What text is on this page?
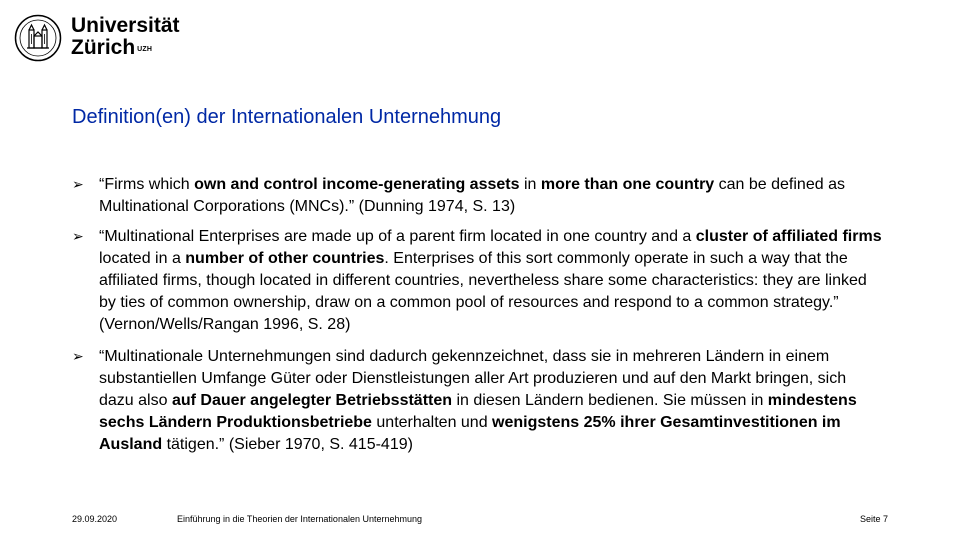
Universität
Zürich UZH
Definition(en) der Internationalen Unternehmung
➢ “Firms which own and control income-generating assets in more than one country can be defined as Multinational Corporations (MNCs).” (Dunning 1974, S. 13)
➢ “Multinational Enterprises are made up of a parent firm located in one country and a cluster of affiliated firms located in a number of other countries. Enterprises of this sort commonly operate in such a way that the affiliated firms, though located in different countries, nevertheless share some characteristics: they are linked by ties of common ownership, draw on a common pool of resources and respond to a common strategy.” (Vernon/Wells/Rangan 1996, S. 28)
➢ “Multinationale Unternehmungen sind dadurch gekennzeichnet, dass sie in mehreren Ländern in einem substantiellen Umfange Güter oder Dienstleistungen aller Art produzieren und auf den Markt bringen, sich dazu also auf Dauer angelegter Betriebsstätten in diesen Ländern bedienen. Sie müssen in mindestens sechs Ländern Produktionsbetriebe unterhalten und wenigstens 25% ihrer Gesamtinvestitionen im Ausland tätigen.” (Sieber 1970, S. 415-419)
29.09.2020	Einführung in die Theorien der Internationalen Unternehmung	Seite 7
